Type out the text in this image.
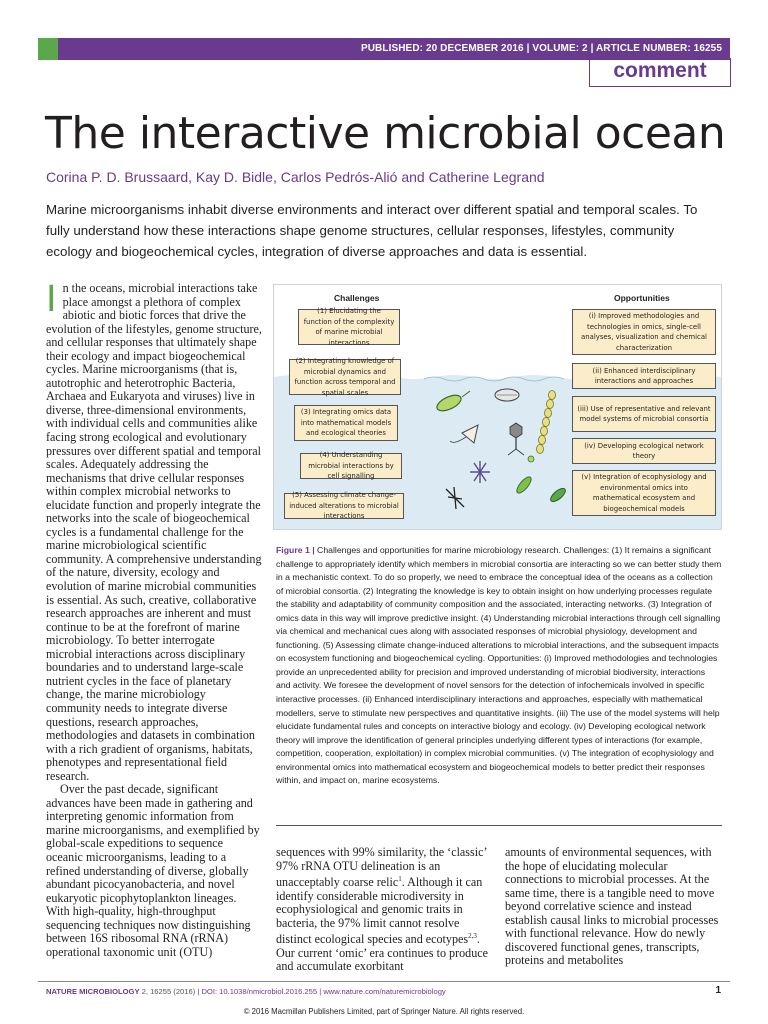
PUBLISHED: 20 DECEMBER 2016 | VOLUME: 2 | ARTICLE NUMBER: 16255
comment
The interactive microbial ocean
Corina P. D. Brussaard, Kay D. Bidle, Carlos Pedrós-Alió and Catherine Legrand

Marine microorganisms inhabit diverse environments and interact over different spatial and temporal scales. To fully understand how these interactions shape genome structures, cellular responses, lifestyles, community ecology and biogeochemical cycles, integration of diverse approaches and data is essential.

In the oceans, microbial interactions take place amongst a plethora of complex abiotic and biotic forces that drive the evolution of the lifestyles, genome structure, and cellular responses that ultimately shape their ecology and impact biogeochemical cycles. Marine microorganisms (that is, autotrophic and heterotrophic Bacteria, Archaea and Eukaryota and viruses) live in diverse, three-dimensional environments, with individual cells and communities alike facing strong ecological and evolutionary pressures over different spatial and temporal scales. Adequately addressing the mechanisms that drive cellular responses within complex microbial networks to elucidate function and properly integrate the networks into the scale of biogeochemical cycles is a fundamental challenge for the marine microbiological scientific community. A comprehensive understanding of the nature, diversity, ecology and evolution of marine microbial communities is essential. As such, creative, collaborative research approaches are inherent and must continue to be at the forefront of marine microbiology. To better interrogate microbial interactions across disciplinary boundaries and to understand large-scale nutrient cycles in the face of planetary change, the marine microbiology community needs to integrate diverse questions, research approaches, methodologies and datasets in combination with a rich gradient of organisms, habitats, phenotypes and representational field research.

Over the past decade, significant advances have been made in gathering and interpreting genomic information from marine microorganisms, and exemplified by global-scale expeditions to sequence oceanic microorganisms, leading to a refined understanding of diverse, globally abundant picocyanobacteria, and novel eukaryotic picophytoplankton lineages. With high-quality, high-throughput sequencing techniques now distinguishing between 16S ribosomal RNA (rRNA) operational taxonomic unit (OTU)

Challenges	Opportunities
(1) Elucidating the function of the complexity of marine microbial interactions
(2) Integrating knowledge of microbial dynamics and function across temporal and spatial scales
(3) Integrating omics data into mathematical models and ecological theories
(4) Understanding microbial interactions by cell signalling
(5) Assessing climate change-induced alterations to microbial interactions
(i) Improved methodologies and technologies in omics, single-cell analyses, visualization and chemical characterization
(ii) Enhanced interdisciplinary interactions and approaches
(iii) Use of representative and relevant model systems of microbial consortia
(iv) Developing ecological network theory
(v) Integration of ecophysiology and environmental omics into mathematical ecosystem and biogeochemical models

Figure 1 | Challenges and opportunities for marine microbiology research. Challenges: (1) It remains a significant challenge to appropriately identify which members in microbial consortia are interacting so we can better study them in a mechanistic context. To do so properly, we need to embrace the conceptual idea of the oceans as a collection of microbial consortia. (2) Integrating the knowledge is key to obtain insight on how underlying processes regulate the stability and adaptability of community composition and the associated, interacting networks. (3) Integration of omics data in this way will improve predictive insight. (4) Understanding microbial interactions through cell signalling via chemical and mechanical cues along with associated responses of microbial physiology, development and functioning. (5) Assessing climate change-induced alterations to microbial interactions, and the subsequent impacts on ecosystem functioning and biogeochemical cycling. Opportunities: (i) Improved methodologies and technologies provide an unprecedented ability for precision and improved understanding of microbial biodiversity, interactions and activity. We foresee the development of novel sensors for the detection of infochemicals involved in specific interactive processes. (ii) Enhanced interdisciplinary interactions and approaches, especially with mathematical modellers, serve to stimulate new perspectives and quantitative insights. (iii) The use of the model systems will help elucidate fundamental rules and concepts on interactive biology and ecology. (iv) Developing ecological network theory will improve the identification of general principles underlying different types of interactions (for example, competition, cooperation, exploitation) in complex microbial communities. (v) The integration of ecophysiology and environmental omics into mathematical ecosystem and biogeochemical models to better predict their responses within, and impact on, marine ecosystems.

sequences with 99% similarity, the ‘classic’ 97% rRNA OTU delineation is an unacceptably coarse relic$^1$. Although it can identify considerable microdiversity in ecophysiological and genomic traits in bacteria, the 97% limit cannot resolve distinct ecological species and ecotypes$^{2,3}$. Our current ‘omic’ era continues to produce and accumulate exorbitant
amounts of environmental sequences, with the hope of elucidating molecular connections to microbial processes. At the same time, there is a tangible need to move beyond correlative science and instead establish causal links to microbial processes with functional relevance. How do newly discovered functional genes, transcripts, proteins and metabolites
NATURE MICROBIOLOGY 2, 16255 (2016) | DOI: 10.1038/nmicrobiol.2016.255 | www.nature.com/naturemicrobiology	1
© 2016 Macmillan Publishers Limited, part of Springer Nature. All rights reserved.
